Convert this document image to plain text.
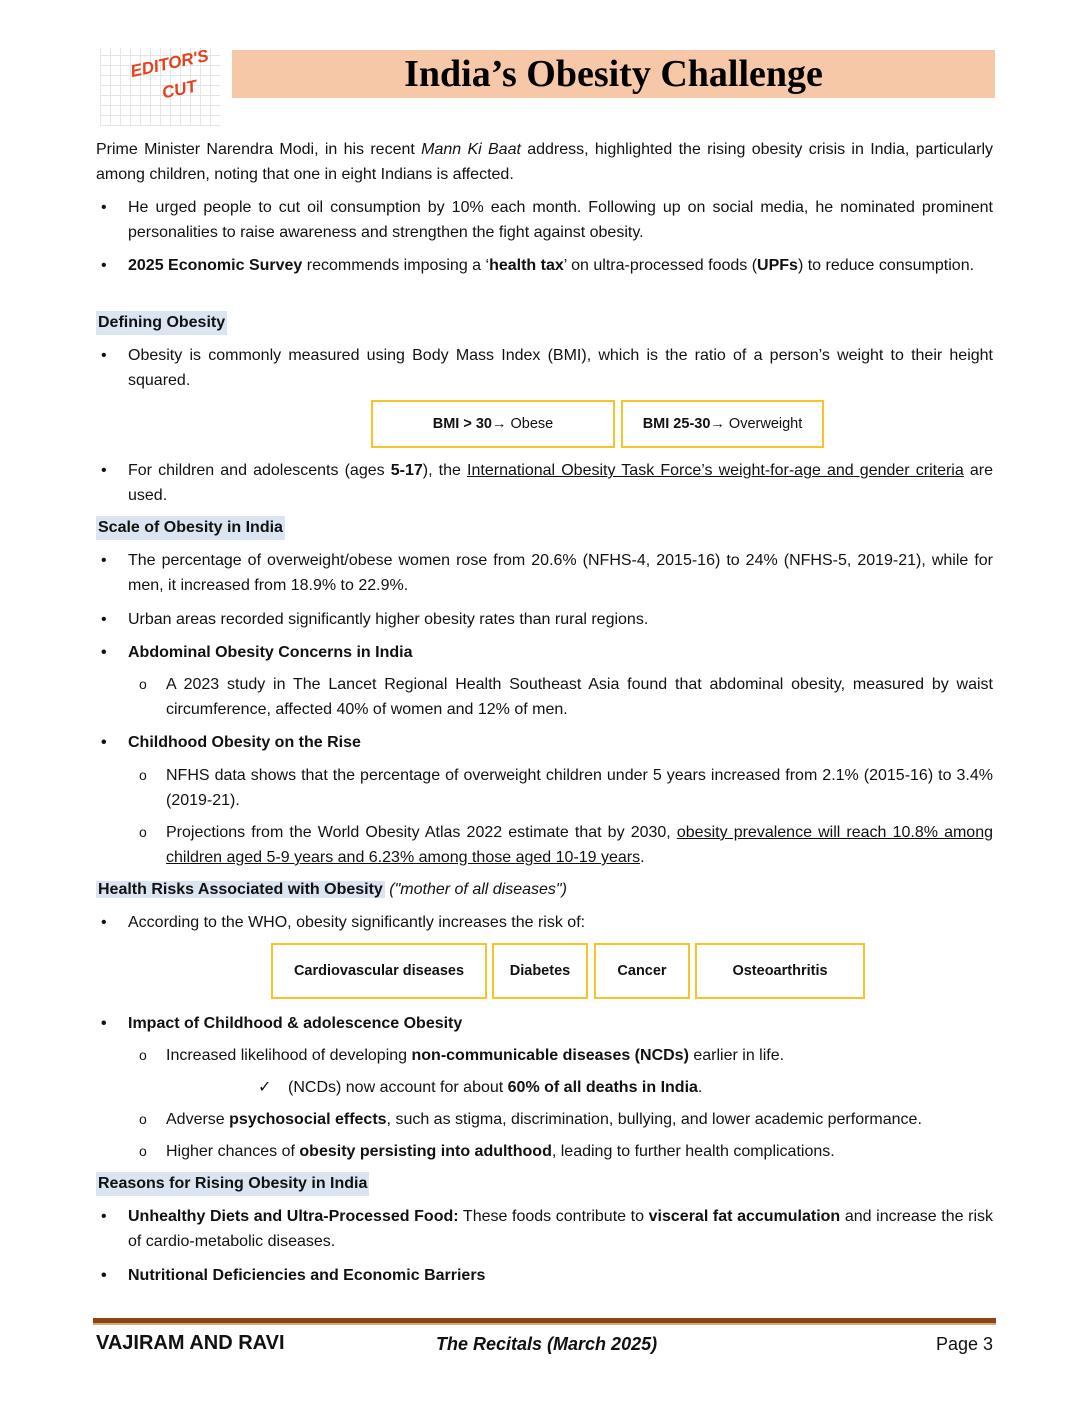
EDITOR'S
CUT	India’s Obesity Challenge

Prime Minister Narendra Modi, in his recent Mann Ki Baat address, highlighted the rising obesity crisis in India, particularly among children, noting that one in eight Indians is affected.

• He urged people to cut oil consumption by 10% each month. Following up on social media, he nominated prominent personalities to raise awareness and strengthen the fight against obesity.

• 2025 Economic Survey recommends imposing a ‘health tax’ on ultra-processed foods (UPFs) to reduce consumption.

Defining Obesity

• Obesity is commonly measured using Body Mass Index (BMI), which is the ratio of a person’s weight to their height squared.

BMI > 30 → Obese	BMI 25-30 → Overweight

• For children and adolescents (ages 5-17), the International Obesity Task Force’s weight-for-age and gender criteria are used.

Scale of Obesity in India

• The percentage of overweight/obese women rose from 20.6% (NFHS-4, 2015-16) to 24% (NFHS-5, 2019-21), while for men, it increased from 18.9% to 22.9%.

• Urban areas recorded significantly higher obesity rates than rural regions.

• Abdominal Obesity Concerns in India

o A 2023 study in The Lancet Regional Health Southeast Asia found that abdominal obesity, measured by waist circumference, affected 40% of women and 12% of men.

• Childhood Obesity on the Rise

o NFHS data shows that the percentage of overweight children under 5 years increased from 2.1% (2015-16) to 3.4% (2019-21).

o Projections from the World Obesity Atlas 2022 estimate that by 2030, obesity prevalence will reach 10.8% among children aged 5-9 years and 6.23% among those aged 10-19 years.

Health Risks Associated with Obesity ("mother of all diseases")

• According to the WHO, obesity significantly increases the risk of:

Cardiovascular diseases	Diabetes	Cancer	Osteoarthritis

• Impact of Childhood & adolescence Obesity

o Increased likelihood of developing non-communicable diseases (NCDs) earlier in life.

✓ (NCDs) now account for about 60% of all deaths in India.

o Adverse psychosocial effects, such as stigma, discrimination, bullying, and lower academic performance.

o Higher chances of obesity persisting into adulthood, leading to further health complications.

Reasons for Rising Obesity in India

• Unhealthy Diets and Ultra-Processed Food: These foods contribute to visceral fat accumulation and increase the risk of cardio-metabolic diseases.

• Nutritional Deficiencies and Economic Barriers

VAJIRAM AND RAVI	The Recitals (March 2025)	Page 3
